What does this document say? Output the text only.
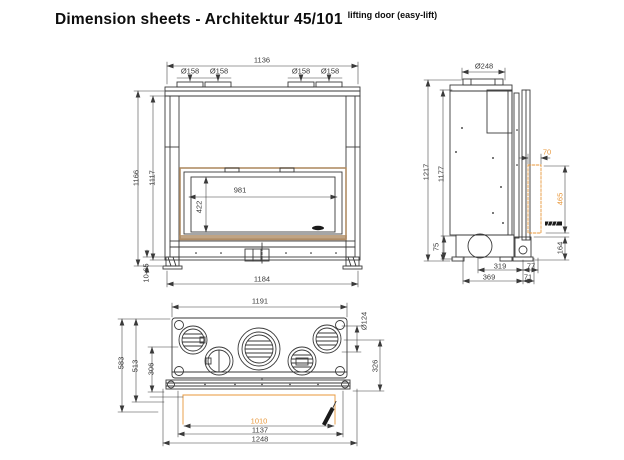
Dimension sheets - Architektur 45/101 $^{lifting door (easy-lift)}$
1136
Ø158 Ø158	Ø158 Ø158
1166 1117
981
422
10-65	1184
Ø248
1217 1177
70
465
164
75
319	77
369	71
1191
Ø124
583 513 306	326
1010
1137
1248
